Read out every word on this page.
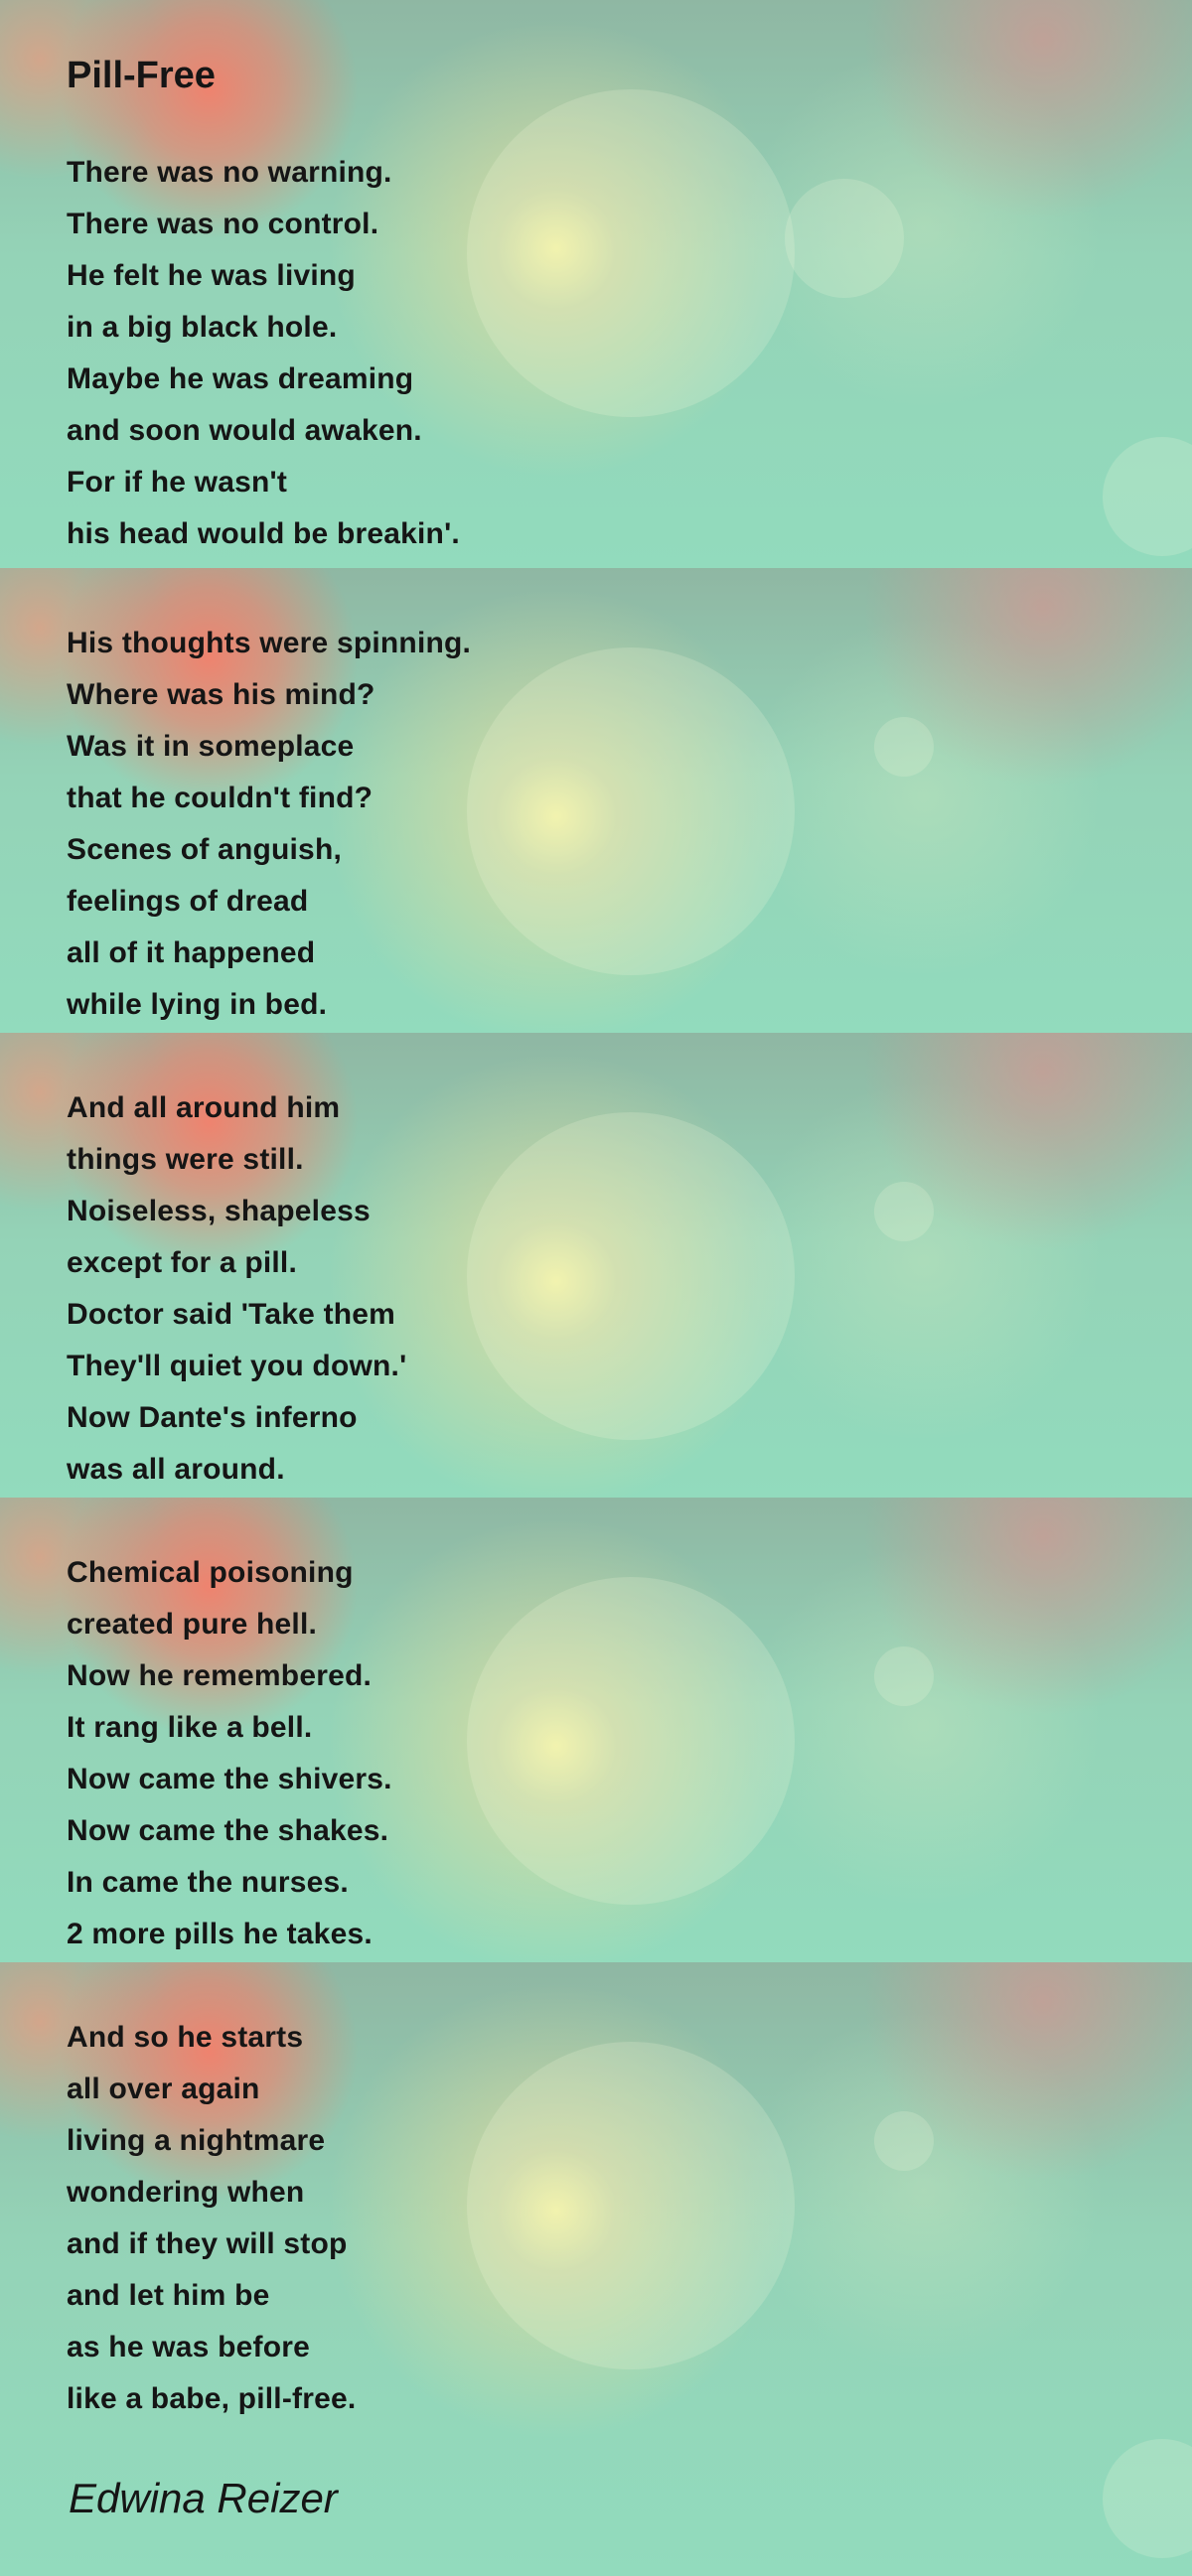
Pill-Free
There was no warning.
There was no control.
He felt he was living
in a big black hole.
Maybe he was dreaming
and soon would awaken.
For if he wasn't
his head would be breakin'.
His thoughts were spinning.
Where was his mind?
Was it in someplace
that he couldn't find?
Scenes of anguish,
feelings of dread
all of it happened
while lying in bed.
And all around him
things were still.
Noiseless, shapeless
except for a pill.
Doctor said 'Take them
They'll quiet you down.'
Now Dante's inferno
was all around.
Chemical poisoning
created pure hell.
Now he remembered.
It rang like a bell.
Now came the shivers.
Now came the shakes.
In came the nurses.
2 more pills he takes.
And so he starts
all over again
living a nightmare
wondering when
and if they will stop
and let him be
as he was before
like a babe, pill-free.
Edwina Reizer
